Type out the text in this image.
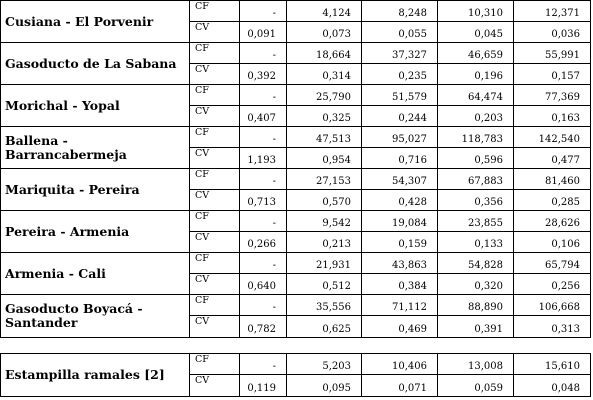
Cusiana - El Porvenir	CF	-	4,124	8,248	10,310	12,371
	CV	0,091	0,073	0,055	0,045	0,036
Gasoducto de La Sabana	CF	-	18,664	37,327	46,659	55,991
	CV	0,392	0,314	0,235	0,196	0,157
Morichal - Yopal	CF	-	25,790	51,579	64,474	77,369
	CV	0,407	0,325	0,244	0,203	0,163
Ballena - Barrancabermeja	CF	-	47,513	95,027	118,783	142,540
	CV	1,193	0,954	0,716	0,596	0,477
Mariquita - Pereira	CF	-	27,153	54,307	67,883	81,460
	CV	0,713	0,570	0,428	0,356	0,285
Pereira - Armenia	CF	-	9,542	19,084	23,855	28,626
	CV	0,266	0,213	0,159	0,133	0,106
Armenia - Cali	CF	-	21,931	43,863	54,828	65,794
	CV	0,640	0,512	0,384	0,320	0,256
Gasoducto Boyacá - Santander	CF	-	35,556	71,112	88,890	106,668
	CV	0,782	0,625	0,469	0,391	0,313
Estampilla ramales [2]	CF	-	5,203	10,406	13,008	15,610
	CV	0,119	0,095	0,071	0,059	0,048
